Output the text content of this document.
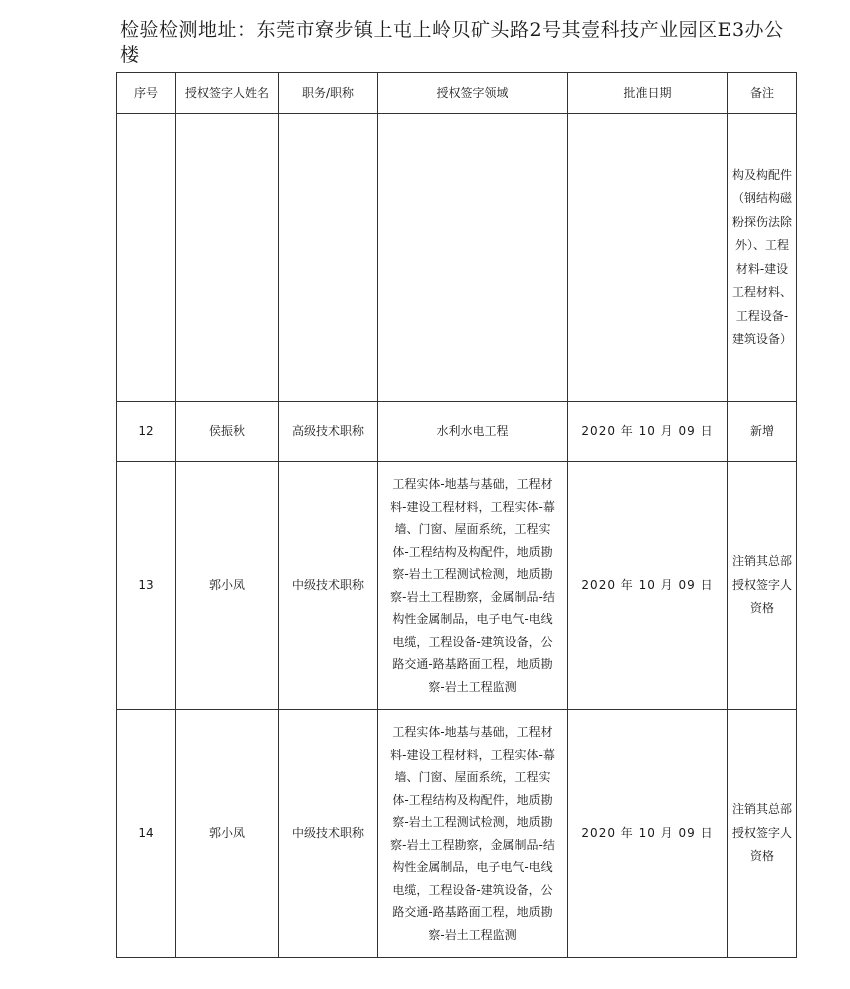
检验检测地址：东莞市寮步镇上屯上岭贝矿头路2号其壹科技产业园区E3办公楼
序号	授权签字人姓名	职务/职称	授权签字领域	批准日期	备注

					构及构配件（钢结构磁粉探伤法除外）、工程材料-建设工程材料、工程设备-建筑设备）

12	侯振秋	高级技术职称	水利水电工程	2020 年 10 月 09 日	新增
13	郭小凤	中级技术职称	工程实体-地基与基础，工程材料-建设工程材料，工程实体-幕墙、门窗、屋面系统，工程实体-工程结构及构配件，地质勘察-岩土工程测试检测，地质勘察-岩土工程勘察，金属制品-结构性金属制品，电子电气-电线电缆，工程设备-建筑设备，公路交通-路基路面工程，地质勘察-岩土工程监测	2020 年 10 月 09 日	注销其总部授权签字人资格

14	郭小凤	中级技术职称	工程实体-地基与基础，工程材料-建设工程材料，工程实体-幕墙、门窗、屋面系统，工程实体-工程结构及构配件，地质勘察-岩土工程测试检测，地质勘察-岩土工程勘察，金属制品-结构性金属制品，电子电气-电线电缆，工程设备-建筑设备，公路交通-路基路面工程，地质勘察-岩土工程监测	2020 年 10 月 09 日	注销其总部授权签字人资格
